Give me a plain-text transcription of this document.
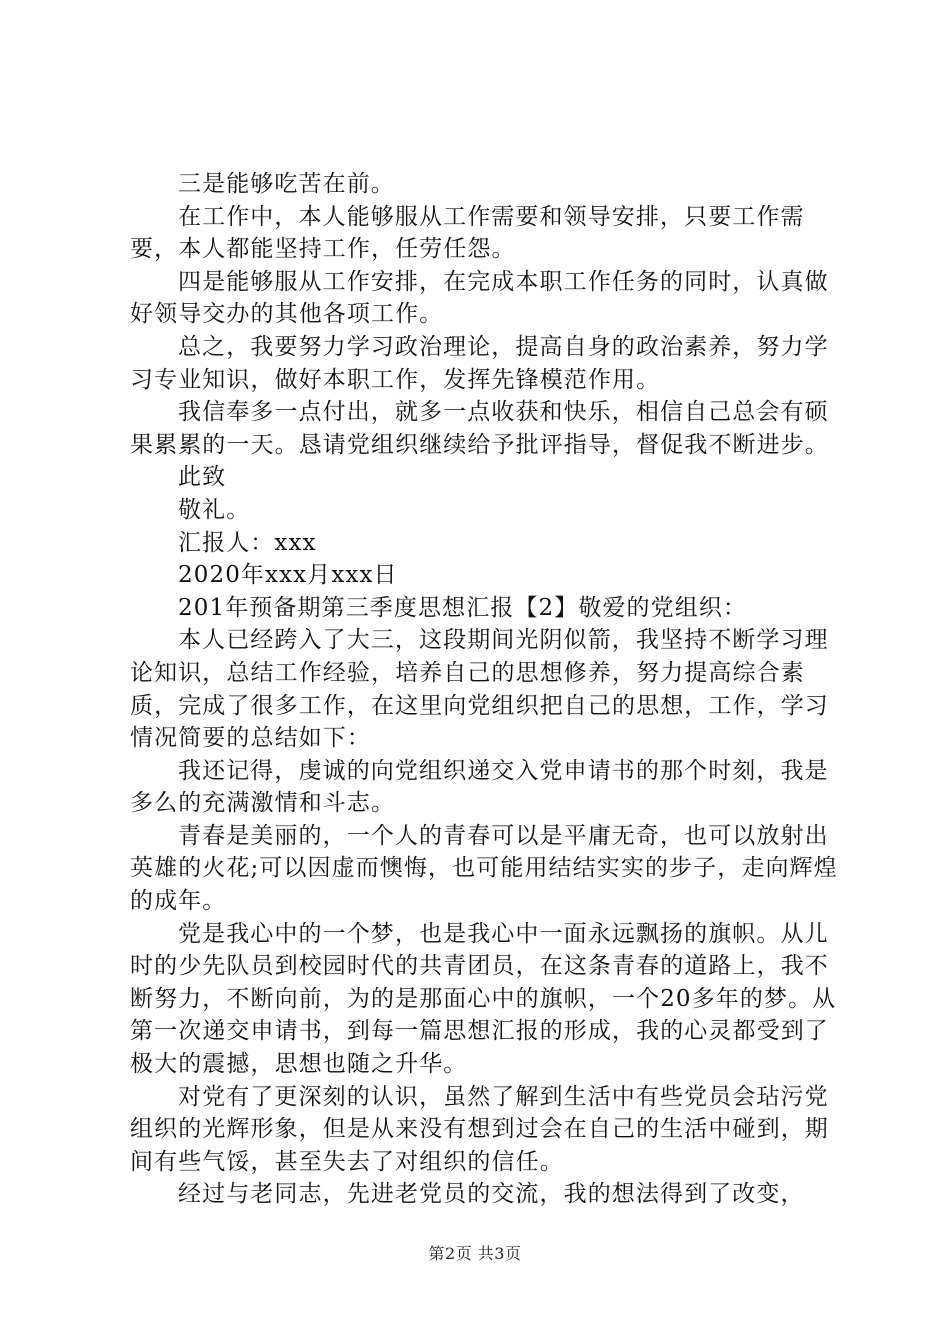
三是能够吃苦在前。

在工作中，本人能够服从工作需要和领导安排，只要工作需要，本人都能坚持工作，任劳任怨。

四是能够服从工作安排，在完成本职工作任务的同时，认真做好领导交办的其他各项工作。

总之，我要努力学习政治理论，提高自身的政治素养，努力学习专业知识，做好本职工作，发挥先锋模范作用。

我信奉多一点付出，就多一点收获和快乐，相信自己总会有硕果累累的一天。恳请党组织继续给予批评指导，督促我不断进步。

此致

敬礼。

汇报人：xxx

2020年xxx月xxx日

201年预备期第三季度思想汇报【2】敬爱的党组织：

本人已经跨入了大三，这段期间光阴似箭，我坚持不断学习理论知识，总结工作经验，培养自己的思想修养，努力提高综合素质，完成了很多工作，在这里向党组织把自己的思想，工作，学习情况简要的总结如下：

我还记得，虔诚的向党组织递交入党申请书的那个时刻，我是多么的充满激情和斗志。

青春是美丽的，一个人的青春可以是平庸无奇，也可以放射出英雄的火花;可以因虚而懊悔，也可能用结结实实的步子，走向辉煌的成年。

党是我心中的一个梦，也是我心中一面永远飘扬的旗帜。从儿时的少先队员到校园时代的共青团员，在这条青春的道路上，我不断努力，不断向前，为的是那面心中的旗帜，一个20多年的梦。从第一次递交申请书，到每一篇思想汇报的形成，我的心灵都受到了极大的震撼，思想也随之升华。

对党有了更深刻的认识，虽然了解到生活中有些党员会玷污党组织的光辉形象，但是从来没有想到过会在自己的生活中碰到，期间有些气馁，甚至失去了对组织的信任。

经过与老同志，先进老党员的交流，我的想法得到了改变，

第2页 共3页
